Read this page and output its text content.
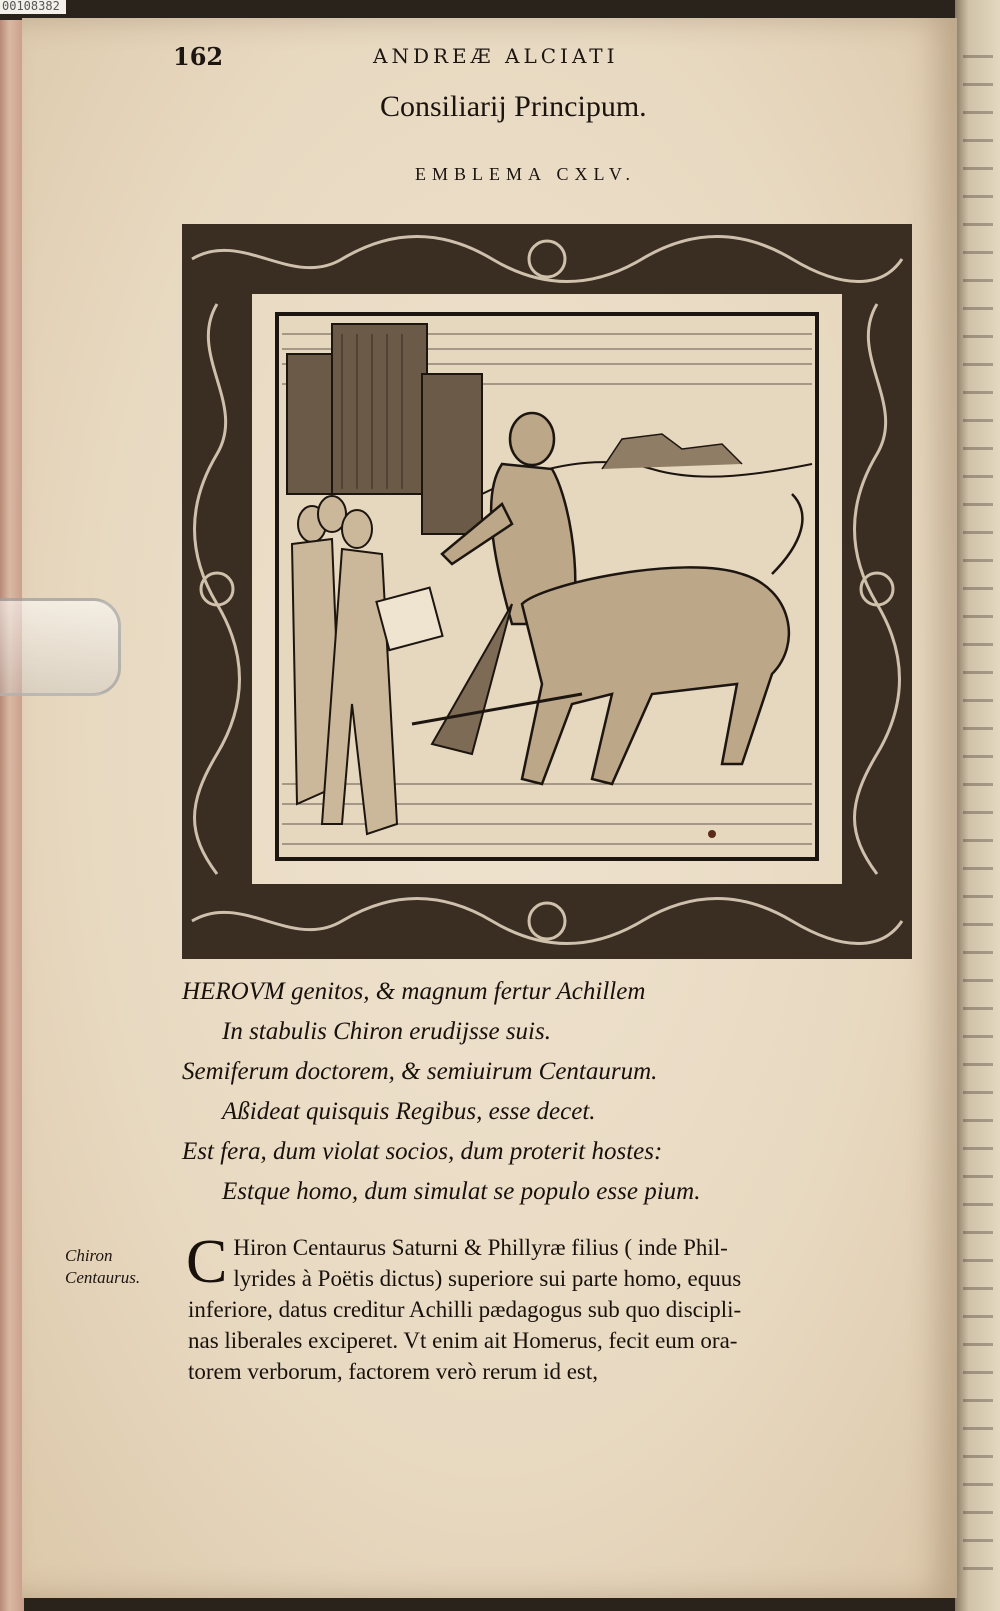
00108382
162	ANDREÆ ALCIATI
Consiliarij Principum.
EMBLEMA CXLV.
HEROVM genitos, & magnum fertur Achillem
In stabulis Chiron erudijsse suis.
Semiferum doctorem, & semiuirum Centaurum.
Aßideat quisquis Regibus, esse decet.
Est fera, dum violat socios, dum proterit hostes:
Estque homo, dum simulat se populo esse pium.
Chiron Centaurus. C Hiron Centaurus Saturni & Phillyræ filius ( inde Phil-
lyrides à Poëtis dictus) superiore sui parte homo, equus
inferiore, datus creditur Achilli pædagogus sub quo discipli-
nas liberales exciperet. Vt enim ait Homerus, fecit eum ora-
torem verborum, factorem verò rerum id est,
